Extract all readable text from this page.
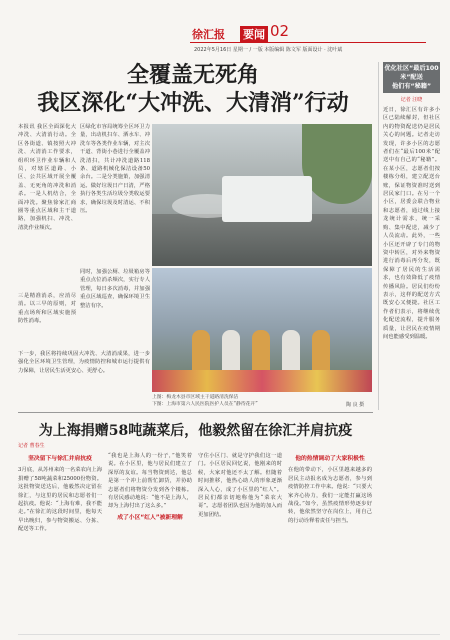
徐汇报 要闻 02
2022年5月16日 星期一 / 一版 本版编辑 陈文军 版面设计 · 沈叶斌
全覆盖无死角
我区深化“大冲洗、大清消”行动

本报讯 我区全面深化大冲洗、大清消行动。全区各街道、镇按照大冲洗、大清消工作要求，组织环卫作业车辆和人员，对辖区道路、小区、公共区域开展全覆盖、无死角的冲洗和消杀。一是人机结合，全面冲洗。聚焦徐家汇商圈等重点区域和主干道路，加强机扫、冲洗、清洗作业频次。

区绿化市容局统筹全区环卫力量，出动机扫车、洒水车、冲洗车等各类作业车辆，对主次干道、背街小巷进行全覆盖冲洗清扫，共计冲洗道路118条、道路机械化保洁设备50余台。二是分类施策，加强清运。做好垃圾日产日清，严格执行各类生活垃圾分类收运要求，确保垃圾及时清运、不积压。

同时，加强公厕、垃圾箱房等重点点位消杀频次，实行专人管理，每日多次消毒，并加强重点区域巡查，确保环境卫生整洁有序。

三是精准消杀，应消尽消。以三早的原则，对重点场所和区域实施预防性消毒。

下一步，我区将持续巩固大冲洗、大清消成果，进一步强化全区环境卫生管理，为疫情防控和城市运行提供有力保障，让居民生活更安心、更舒心。

上图：梅龙木县市区域主干道路清洗保洁
下图：上海市第六人民医院医护人员在“静待花开”	陶 良 摄
优化社区“最后100米”配送
他们有“秘籍”
记者 汪晓
近日，徐汇区有许多小区已陆续解封，但社区内的物资配送仍是居民关心的问题。记者走访发现，许多小区的志愿者们在“最后100米”配送中有自己的“秘籍”。在某小区，志愿者们按楼栋分组，建立配送台账，保证物资准时送到居民家门口。在另一个小区，居委会联合物业和志愿者，通过线上接龙统计需求，统一采购、集中配送，减少了人员流动。此外，一些小区还开辟了专门的物资中转区，对外来物资进行消毒后再分发，既保障了居民的生活需求，也有效降低了疫情传播风险。居民们纷纷表示，这样的配送方式既安心又便捷。社区工作者们表示，将继续优化配送流程，提升服务质量，让居民在疫情期间也能感受到温暖。
为上海捐赠58吨蔬菜后，他毅然留在徐汇并肩抗疫
记者 曹春生
坚决留下与徐汇并肩抗疫

3月底，从苏州来的一名菜农向上海捐赠了58吨蔬菜和25000份物资。这批物资送达后，他毅然决定留在徐汇，与这里的居民和志愿者们一起抗疫。他说：“上海有难，我不能走。”在徐汇的这段时间里，他每天早出晚归，参与物资搬运、分拣、配送等工作。

“我也是上海人的一份子，”他笑着说。在小区里，他与居民们建立了深厚的友谊。每当物资到达，他总是第一个冲上前帮忙卸货，并协助志愿者们将物资分发到各个楼栋。有居民感动地说：“他不是上海人，却为上海付出了这么多。”

成了小区“红人”被新理解

守住小区门、就是守护我们这一道门。小区居民回忆说，他刚来的时候，大家对他还不太了解。但随着时间推移，他热心助人的形象逐渐深入人心，成了小区里的“红人”。居民们都亲切地称他为“菜农大哥”。志愿者团队也因为他的加入而更加团结。

他的热情调动了大家积极性

在他的带动下，小区里越来越多的居民主动报名成为志愿者，参与到疫情防控工作中来。他说：“只要大家齐心协力，我们一定能打赢这场战役。”如今，虽然疫情形势逐步好转，他依然坚守在岗位上，用自己的行动诠释着责任与担当。
